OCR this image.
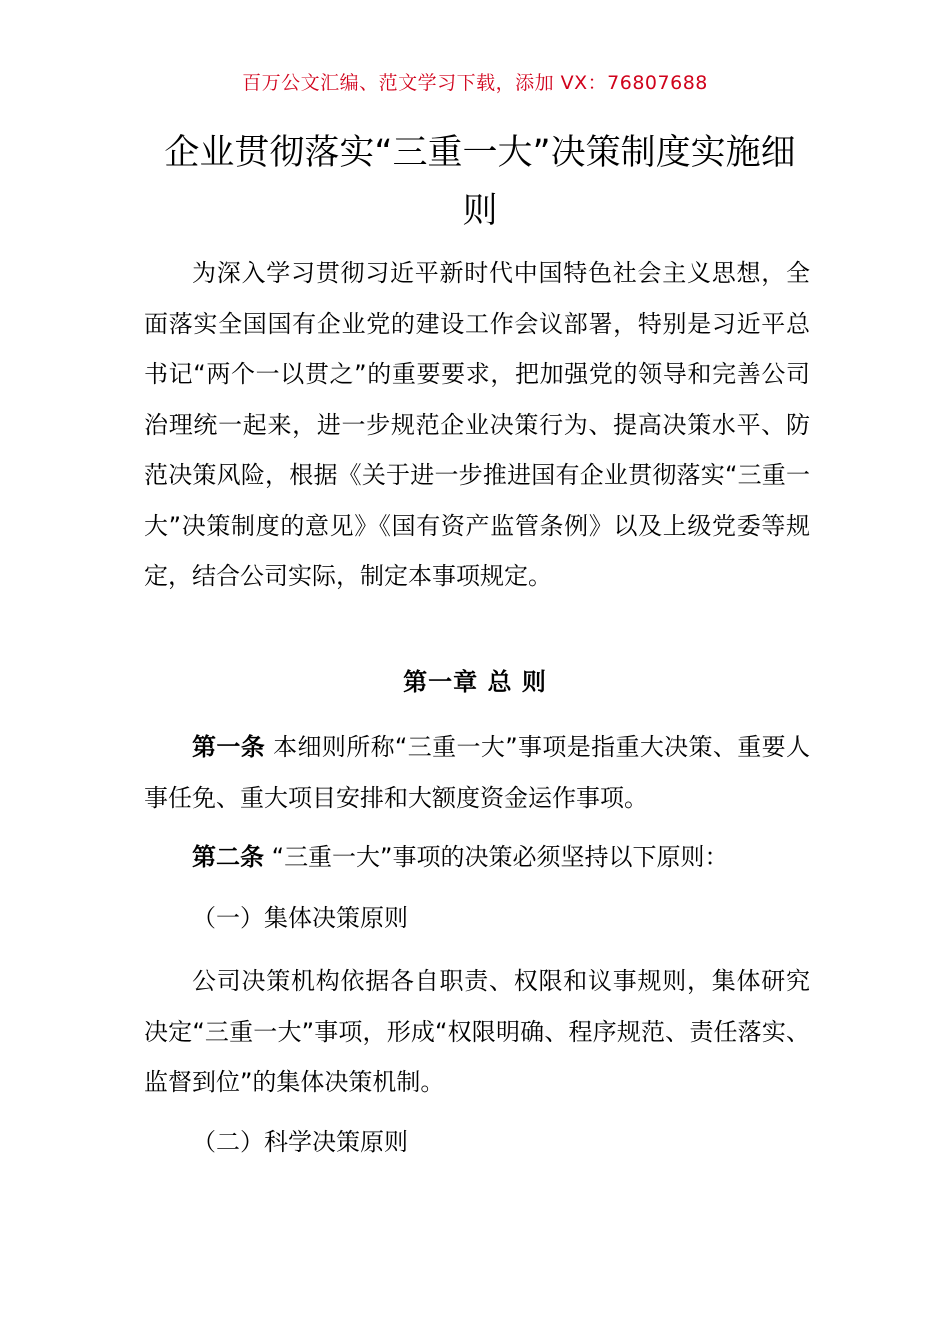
百万公文汇编、范文学习下载，添加 VX：76807688
企业贯彻落实“三重一大”决策制度实施细则

为深入学习贯彻习近平新时代中国特色社会主义思想，全面落实全国国有企业党的建设工作会议部署，特别是习近平总书记“两个一以贯之”的重要要求，把加强党的领导和完善公司治理统一起来，进一步规范企业决策行为、提高决策水平、防范决策风险，根据《关于进一步推进国有企业贯彻落实“三重一大”决策制度的意见》《国有资产监管条例》以及上级党委等规定，结合公司实际，制定本事项规定。

第一章 总 则

第一条 本细则所称“三重一大”事项是指重大决策、重要人事任免、重大项目安排和大额度资金运作事项。

第二条 “三重一大”事项的决策必须坚持以下原则：

（一）集体决策原则

公司决策机构依据各自职责、权限和议事规则，集体研究决定“三重一大”事项，形成“权限明确、程序规范、责任落实、监督到位”的集体决策机制。

（二）科学决策原则
